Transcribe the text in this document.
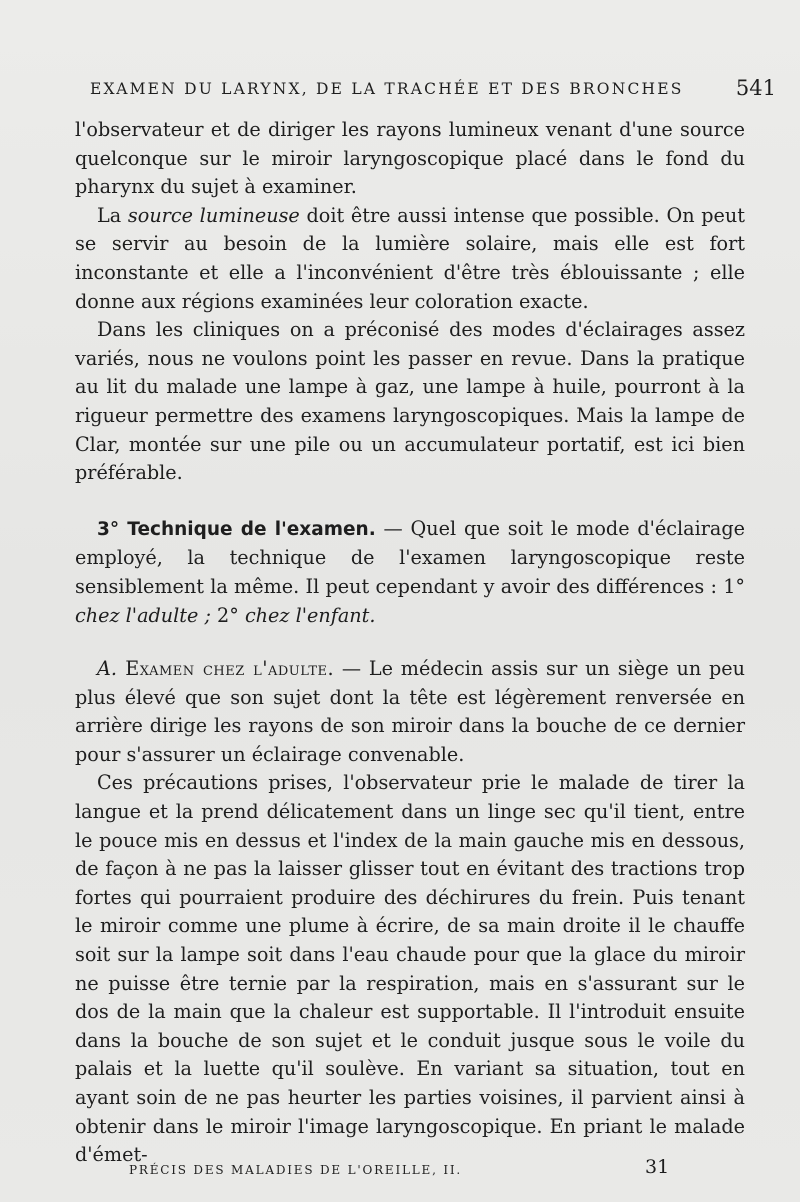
EXAMEN DU LARYNX, DE LA TRACHÉE ET DES BRONCHES 541

l'observateur et de diriger les rayons lumineux venant d'une source quelconque sur le miroir laryngoscopique placé dans le fond du pharynx du sujet à examiner.

La source lumineuse doit être aussi intense que possible. On peut se servir au besoin de la lumière solaire, mais elle est fort inconstante et elle a l'inconvénient d'être très éblouissante ; elle donne aux régions examinées leur coloration exacte.

Dans les cliniques on a préconisé des modes d'éclairages assez variés, nous ne voulons point les passer en revue. Dans la pratique au lit du malade une lampe à gaz, une lampe à huile, pourront à la rigueur permettre des examens laryngoscopiques. Mais la lampe de Clar, montée sur une pile ou un accumulateur portatif, est ici bien préférable.

3° Technique de l'examen. — Quel que soit le mode d'éclairage employé, la technique de l'examen laryngoscopique reste sensiblement la même. Il peut cependant y avoir des différences : 1° chez l'adulte ; 2° chez l'enfant.

A. Examen chez l'adulte. — Le médecin assis sur un siège un peu plus élevé que son sujet dont la tête est légèrement renversée en arrière dirige les rayons de son miroir dans la bouche de ce dernier pour s'assurer un éclairage convenable.

Ces précautions prises, l'observateur prie le malade de tirer la langue et la prend délicatement dans un linge sec qu'il tient, entre le pouce mis en dessus et l'index de la main gauche mis en dessous, de façon à ne pas la laisser glisser tout en évitant des tractions trop fortes qui pourraient produire des déchirures du frein. Puis tenant le miroir comme une plume à écrire, de sa main droite il le chauffe soit sur la lampe soit dans l'eau chaude pour que la glace du miroir ne puisse être ternie par la respiration, mais en s'assurant sur le dos de la main que la chaleur est supportable. Il l'introduit ensuite dans la bouche de son sujet et le conduit jusque sous le voile du palais et la luette qu'il soulève. En variant sa situation, tout en ayant soin de ne pas heurter les parties voisines, il parvient ainsi à obtenir dans le miroir l'image laryngoscopique. En priant le malade d'émet-

PRÉCIS DES MALADIES DE L'OREILLE, II.	31
